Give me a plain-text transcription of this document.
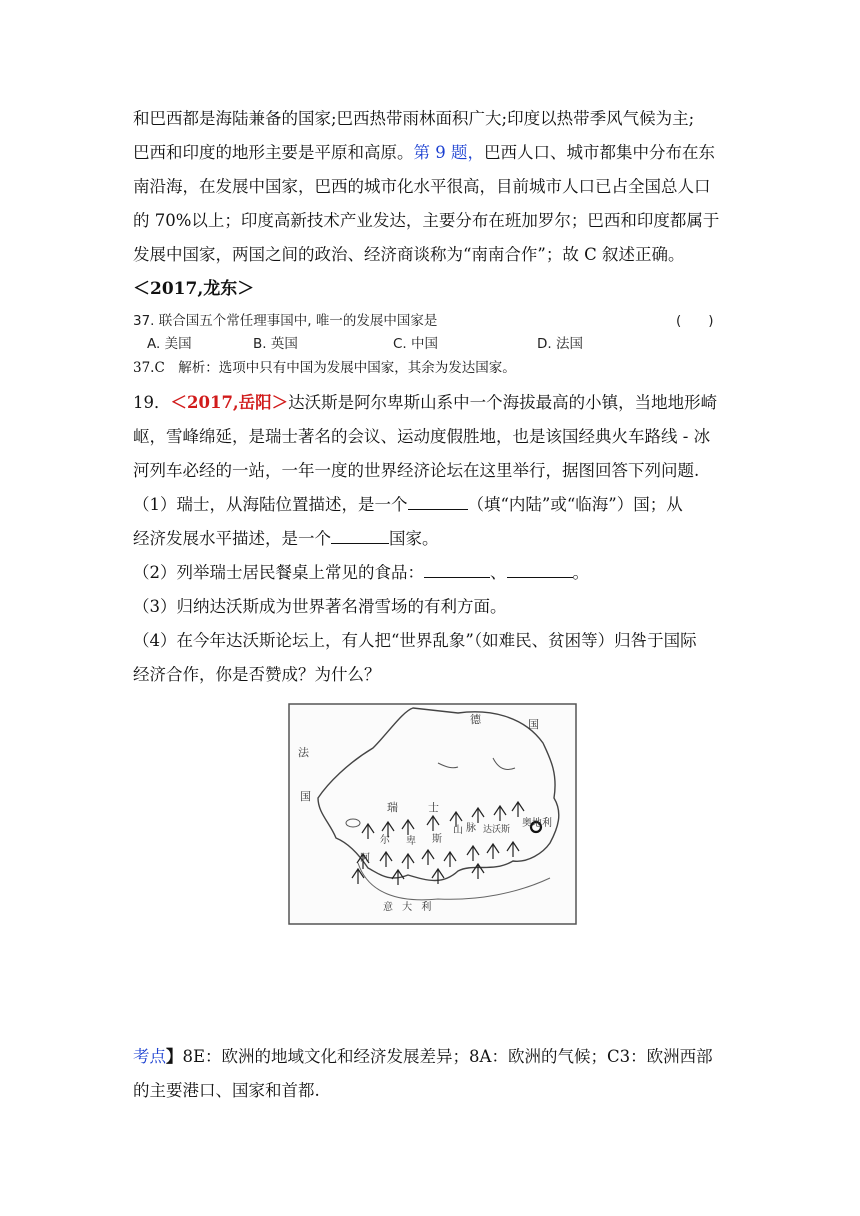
和巴西都是海陆兼备的国家;巴西热带雨林面积广大;印度以热带季风气候为主;
巴西和印度的地形主要是平原和高原。第 9 题，巴西人口、城市都集中分布在东
南沿海，在发展中国家，巴西的城市化水平很高，目前城市人口已占全国总人口
的 70%以上；印度高新技术产业发达，主要分布在班加罗尔；巴西和印度都属于
发展中国家，两国之间的政治、经济商谈称为“南南合作”；故 C 叙述正确。
＜2017,龙东＞
37. 联合国五个常任理事国中, 唯一的发展中国家是	(　　)
A. 美国	B. 英国	C. 中国	D. 法国
37.C　解析：选项中只有中国为发展中国家，其余为发达国家。
19．＜2017,岳阳＞达沃斯是阿尔卑斯山系中一个海拔最高的小镇，当地地形崎
岖，雪峰绵延，是瑞士著名的会议、运动度假胜地，也是该国经典火车路线 - 冰
河列车必经的一站，一年一度的世界经济论坛在这里举行，据图回答下列问题.
（1）瑞士，从海陆位置描述，是一个	（填“内陆”或“临海”）国；从
经济发展水平描述，是一个	国家。
（2）列举瑞士居民餐桌上常见的食品：	、	。
（3）归纳达沃斯成为世界著名滑雪场的有利方面。
（4）在今年达沃斯论坛上，有人把“世界乱象”（如难民、贫困等）归咎于国际
经济合作，你是否赞成？为什么？
德	国
法
国
瑞	士
奥地利
达沃斯
阿
尔 卑 斯
山 脉
意 大 利
考点】8E：欧洲的地域文化和经济发展差异；8A：欧洲的气候；C3：欧洲西部
的主要港口、国家和首都.
